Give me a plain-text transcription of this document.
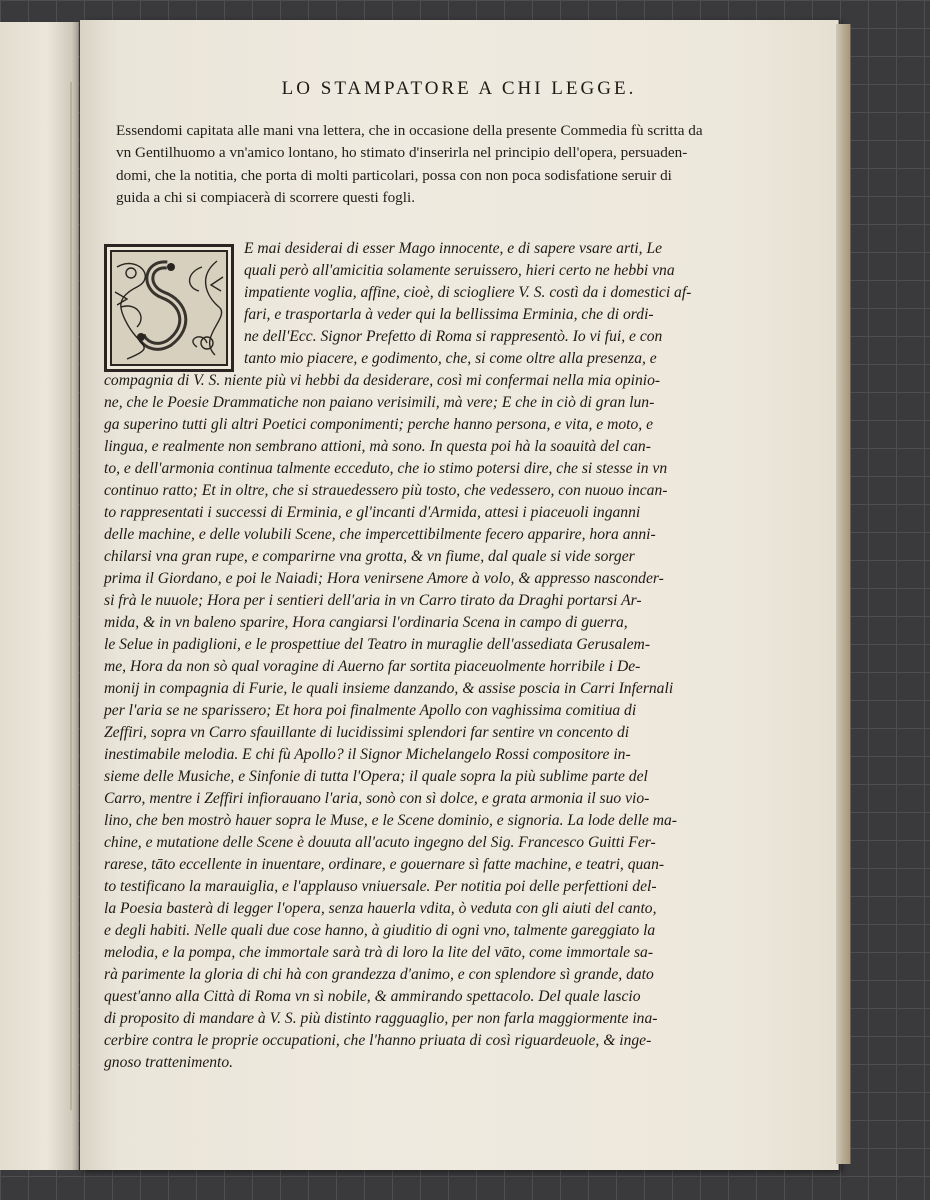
LO STAMPATORE A CHI LEGGE.
Essendomi capitata alle mani vna lettera, che in occasione della presente Commedia fù scritta da
vn Gentilhuomo a vn'amico lontano, ho stimato d'inserirla nel principio dell'opera, persuaden-
domi, che la notitia, che porta di molti particolari, possa con non poca sodisfatione seruir di
guida a chi si compiacerà di scorrere questi fogli.
E mai desiderai di esser Mago innocente, e di sapere vsare arti, Le
quali però all'amicitia solamente seruissero, hieri certo ne hebbi vna
impatiente voglia, affine, cioè, di sciogliere V. S. costì da i domestici af-
fari, e trasportarla à veder qui la bellissima Erminia, che di ordi-
ne dell'Ecc. Signor Prefetto di Roma si rappresentò. Io vi fui, e con
tanto mio piacere, e godimento, che, si come oltre alla presenza, e
compagnia di V. S. niente più vi hebbi da desiderare, così mi confermai nella mia opinio-
ne, che le Poesie Drammatiche non paiano verisimili, mà vere; E che in ciò di gran lun-
ga superino tutti gli altri Poetici componimenti; perche hanno persona, e vita, e moto, e
lingua, e realmente non sembrano attioni, mà sono. In questa poi hà la soauità del can-
to, e dell'armonia continua talmente ecceduto, che io stimo potersi dire, che si stesse in vn
continuo ratto; Et in oltre, che si strauedessero più tosto, che vedessero, con nuouo incan-
to rappresentati i successi di Erminia, e gl'incanti d'Armida, attesi i piaceuoli inganni
delle machine, e delle volubili Scene, che impercettibilmente fecero apparire, hora anni-
chilarsi vna gran rupe, e comparirne vna grotta, & vn fiume, dal quale si vide sorger
prima il Giordano, e poi le Naiadi; Hora venirsene Amore à volo, & appresso nasconder-
si frà le nuuole; Hora per i sentieri dell'aria in vn Carro tirato da Draghi portarsi Ar-
mida, & in vn baleno sparire, Hora cangiarsi l'ordinaria Scena in campo di guerra,
le Selue in padiglioni, e le prospettiue del Teatro in muraglie dell'assediata Gerusalem-
me, Hora da non sò qual voragine di Auerno far sortita piaceuolmente horribile i De-
monij in compagnia di Furie, le quali insieme danzando, & assise poscia in Carri Infernali
per l'aria se ne sparissero; Et hora poi finalmente Apollo con vaghissima comitiua di
Zeffiri, sopra vn Carro sfauillante di lucidissimi splendori far sentire vn concento di
inestimabile melodia. E chi fù Apollo? il Signor Michelangelo Rossi compositore in-
sieme delle Musiche, e Sinfonie di tutta l'Opera; il quale sopra la più sublime parte del
Carro, mentre i Zeffiri infiorauano l'aria, sonò con sì dolce, e grata armonia il suo vio-
lino, che ben mostrò hauer sopra le Muse, e le Scene dominio, e signoria. La lode delle ma-
chine, e mutatione delle Scene è douuta all'acuto ingegno del Sig. Francesco Guitti Fer-
rarese, tāto eccellente in inuentare, ordinare, e gouernare sì fatte machine, e teatri, quan-
to testificano la marauiglia, e l'applauso vniuersale. Per notitia poi delle perfettioni del-
la Poesia basterà di legger l'opera, senza hauerla vdita, ò veduta con gli aiuti del canto,
e degli habiti. Nelle quali due cose hanno, à giuditio di ogni vno, talmente gareggiato la
melodia, e la pompa, che immortale sarà trà di loro la lite del vāto, come immortale sa-
rà parimente la gloria di chi hà con grandezza d'animo, e con splendore sì grande, dato
quest'anno alla Città di Roma vn sì nobile, & ammirando spettacolo. Del quale lascio
di proposito di mandare à V. S. più distinto ragguaglio, per non farla maggiormente ina-
cerbire contra le proprie occupationi, che l'hanno priuata di così riguardeuole, & inge-
gnoso trattenimento.
